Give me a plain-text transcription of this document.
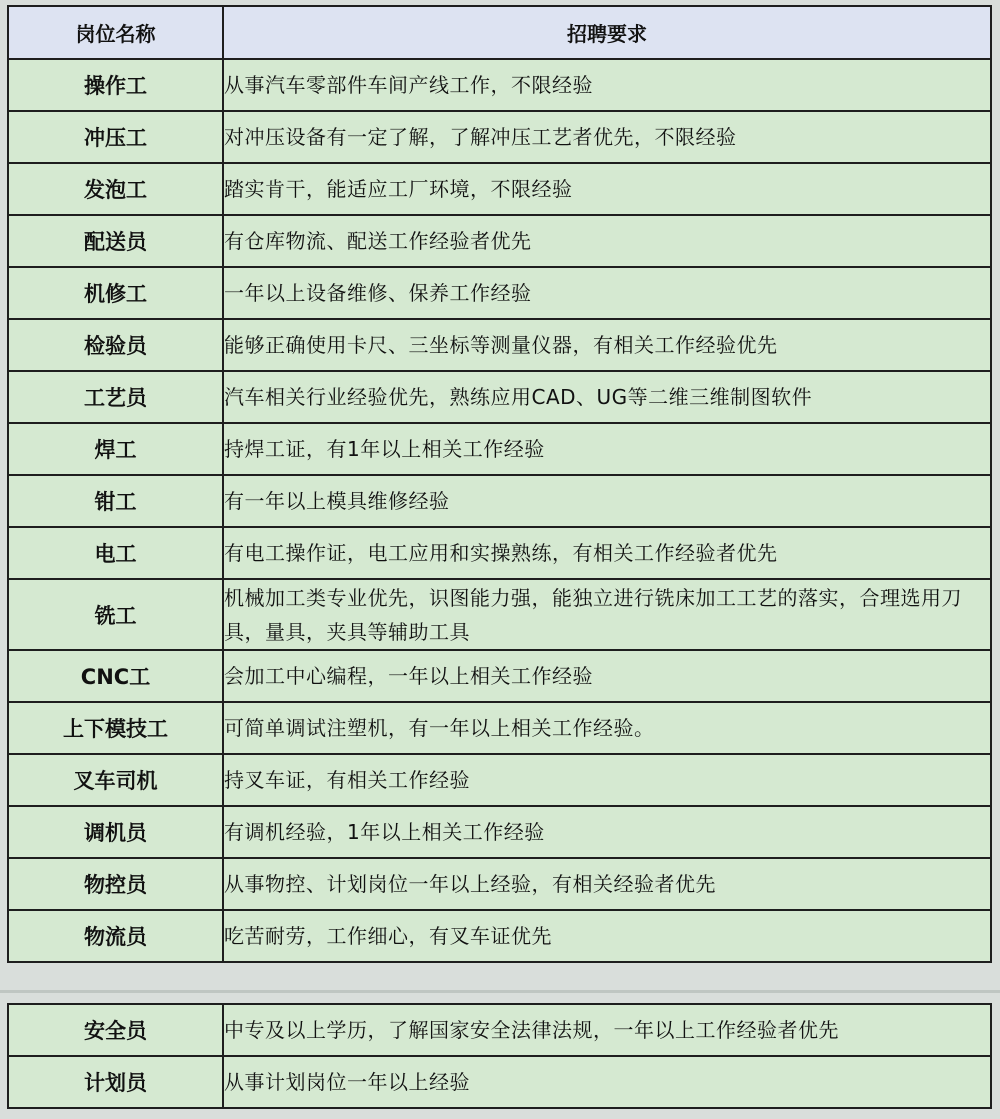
岗位名称	招聘要求
操作工	从事汽车零部件车间产线工作，不限经验
冲压工	对冲压设备有一定了解，了解冲压工艺者优先，不限经验
发泡工	踏实肯干，能适应工厂环境，不限经验
配送员	有仓库物流、配送工作经验者优先
机修工	一年以上设备维修、保养工作经验
检验员	能够正确使用卡尺、三坐标等测量仪器，有相关工作经验优先
工艺员	汽车相关行业经验优先，熟练应用CAD、UG等二维三维制图软件
焊工	持焊工证，有1年以上相关工作经验
钳工	有一年以上模具维修经验
电工	有电工操作证，电工应用和实操熟练，有相关工作经验者优先
铣工	机械加工类专业优先，识图能力强，能独立进行铣床加工工艺的落实，合理选用刀具，量具，夹具等辅助工具
CNC工	会加工中心编程，一年以上相关工作经验
上下模技工	可简单调试注塑机，有一年以上相关工作经验。
叉车司机	持叉车证，有相关工作经验
调机员	有调机经验，1年以上相关工作经验
物控员	从事物控、计划岗位一年以上经验，有相关经验者优先
物流员	吃苦耐劳，工作细心，有叉车证优先
安全员	中专及以上学历，了解国家安全法律法规，一年以上工作经验者优先
计划员	从事计划岗位一年以上经验
